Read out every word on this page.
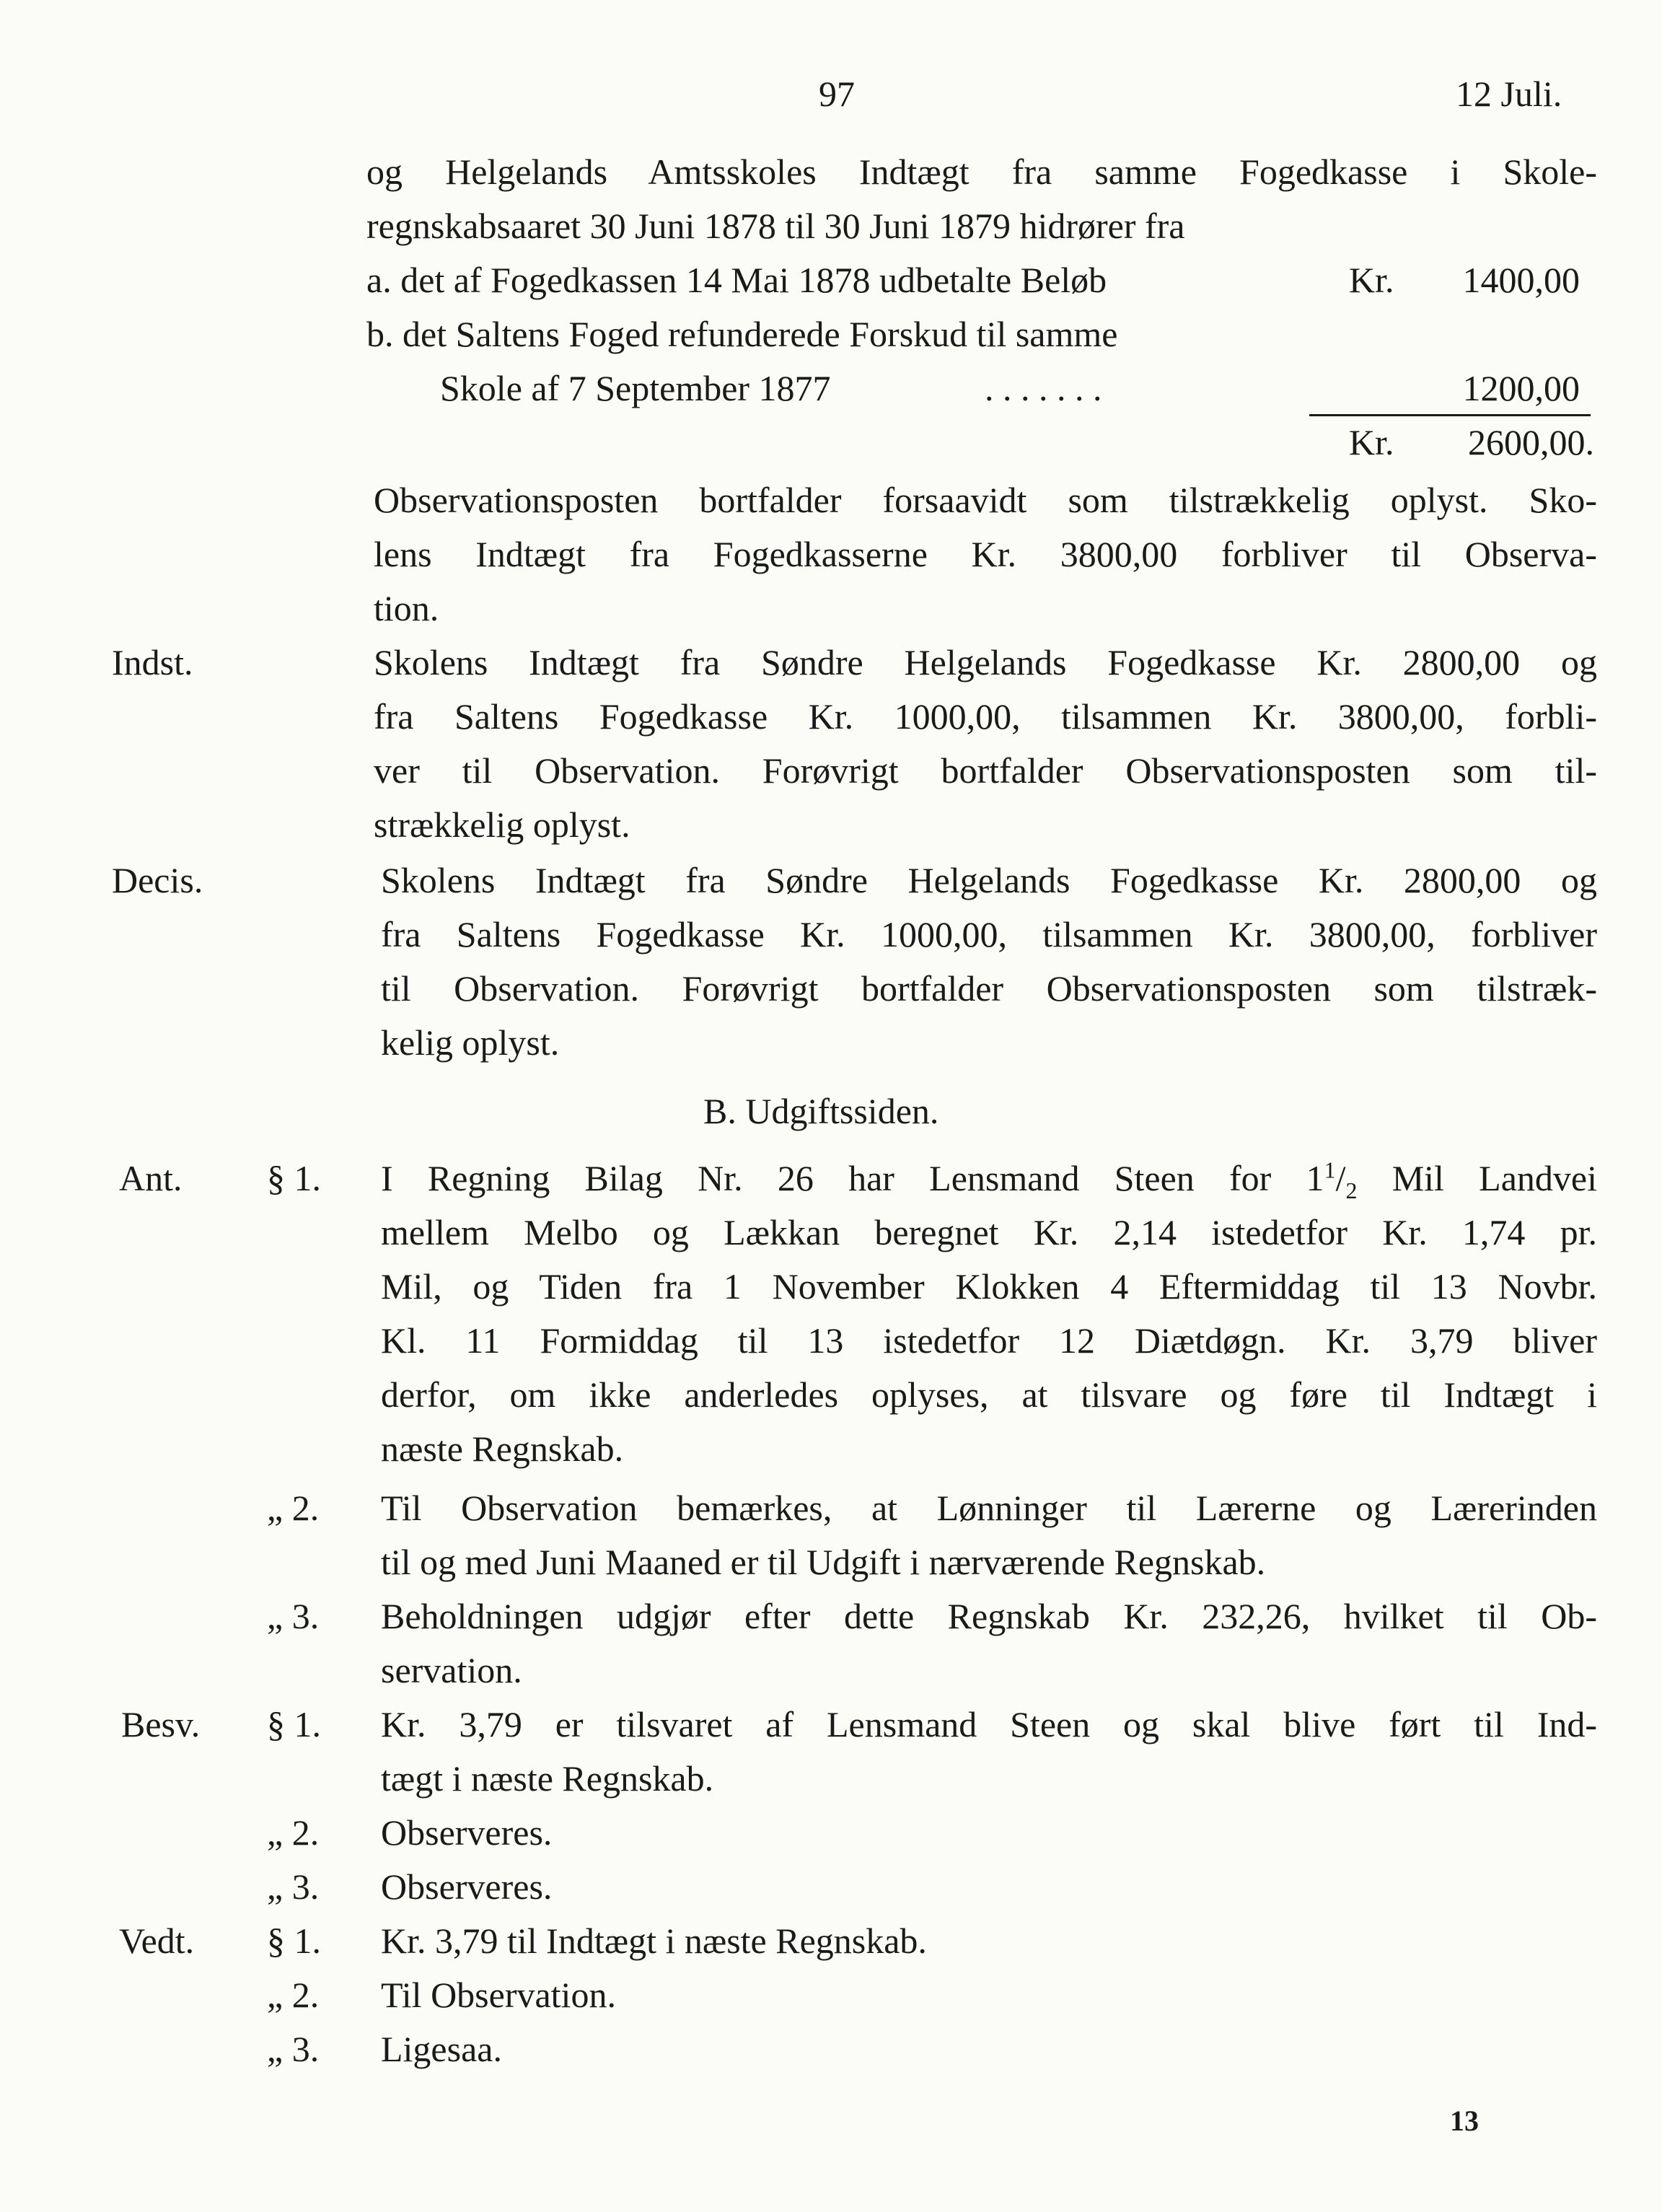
97	12 Juli.
og Helgelands Amtsskoles Indtægt fra samme Fogedkasse i Skole-
regnskabsaaret 30 Juni 1878 til 30 Juni 1879 hidrører fra
a. det af Fogedkassen 14 Mai 1878 udbetalte Beløb	Kr.	1400,00
b. det Saltens Foged refunderede Forskud til samme
Skole af 7 September 1877	. . . . . . .	1200,00
Kr.	2600,00.
Observationsposten bortfalder forsaavidt som tilstrækkelig oplyst. Sko-
lens Indtægt fra Fogedkasserne Kr. 3800,00 forbliver til Observa-
tion.
Indst.	Skolens Indtægt fra Søndre Helgelands Fogedkasse Kr. 2800,00 og
fra Saltens Fogedkasse Kr. 1000,00, tilsammen Kr. 3800,00, forbli-
ver til Observation. Forøvrigt bortfalder Observationsposten som til-
strækkelig oplyst.
Decis.	Skolens Indtægt fra Søndre Helgelands Fogedkasse Kr. 2800,00 og
fra Saltens Fogedkasse Kr. 1000,00, tilsammen Kr. 3800,00, forbliver
til Observation. Forøvrigt bortfalder Observationsposten som tilstræk-
kelig oplyst.
B. Udgiftssiden.
Ant. § 1. I Regning Bilag Nr. 26 har Lensmand Steen for $1^1/_2$ Mil Landvei
mellem Melbo og Lækkan beregnet Kr. 2,14 istedetfor Kr. 1,74 pr.
Mil, og Tiden fra 1 November Klokken 4 Eftermiddag til 13 Novbr.
Kl. 11 Formiddag til 13 istedetfor 12 Diætdøgn. Kr. 3,79 bliver
derfor, om ikke anderledes oplyses, at tilsvare og føre til Indtægt i
næste Regnskab.
„ 2. Til Observation bemærkes, at Lønninger til Lærerne og Lærerinden
til og med Juni Maaned er til Udgift i nærværende Regnskab.
„ 3. Beholdningen udgjør efter dette Regnskab Kr. 232,26, hvilket til Ob-
servation.
Besv. § 1. Kr. 3,79 er tilsvaret af Lensmand Steen og skal blive ført til Ind-
tægt i næste Regnskab.
„ 2. Observeres.
„ 3. Observeres.
Vedt. § 1. Kr. 3,79 til Indtægt i næste Regnskab.
„ 2. Til Observation.
„ 3. Ligesaa.
13
